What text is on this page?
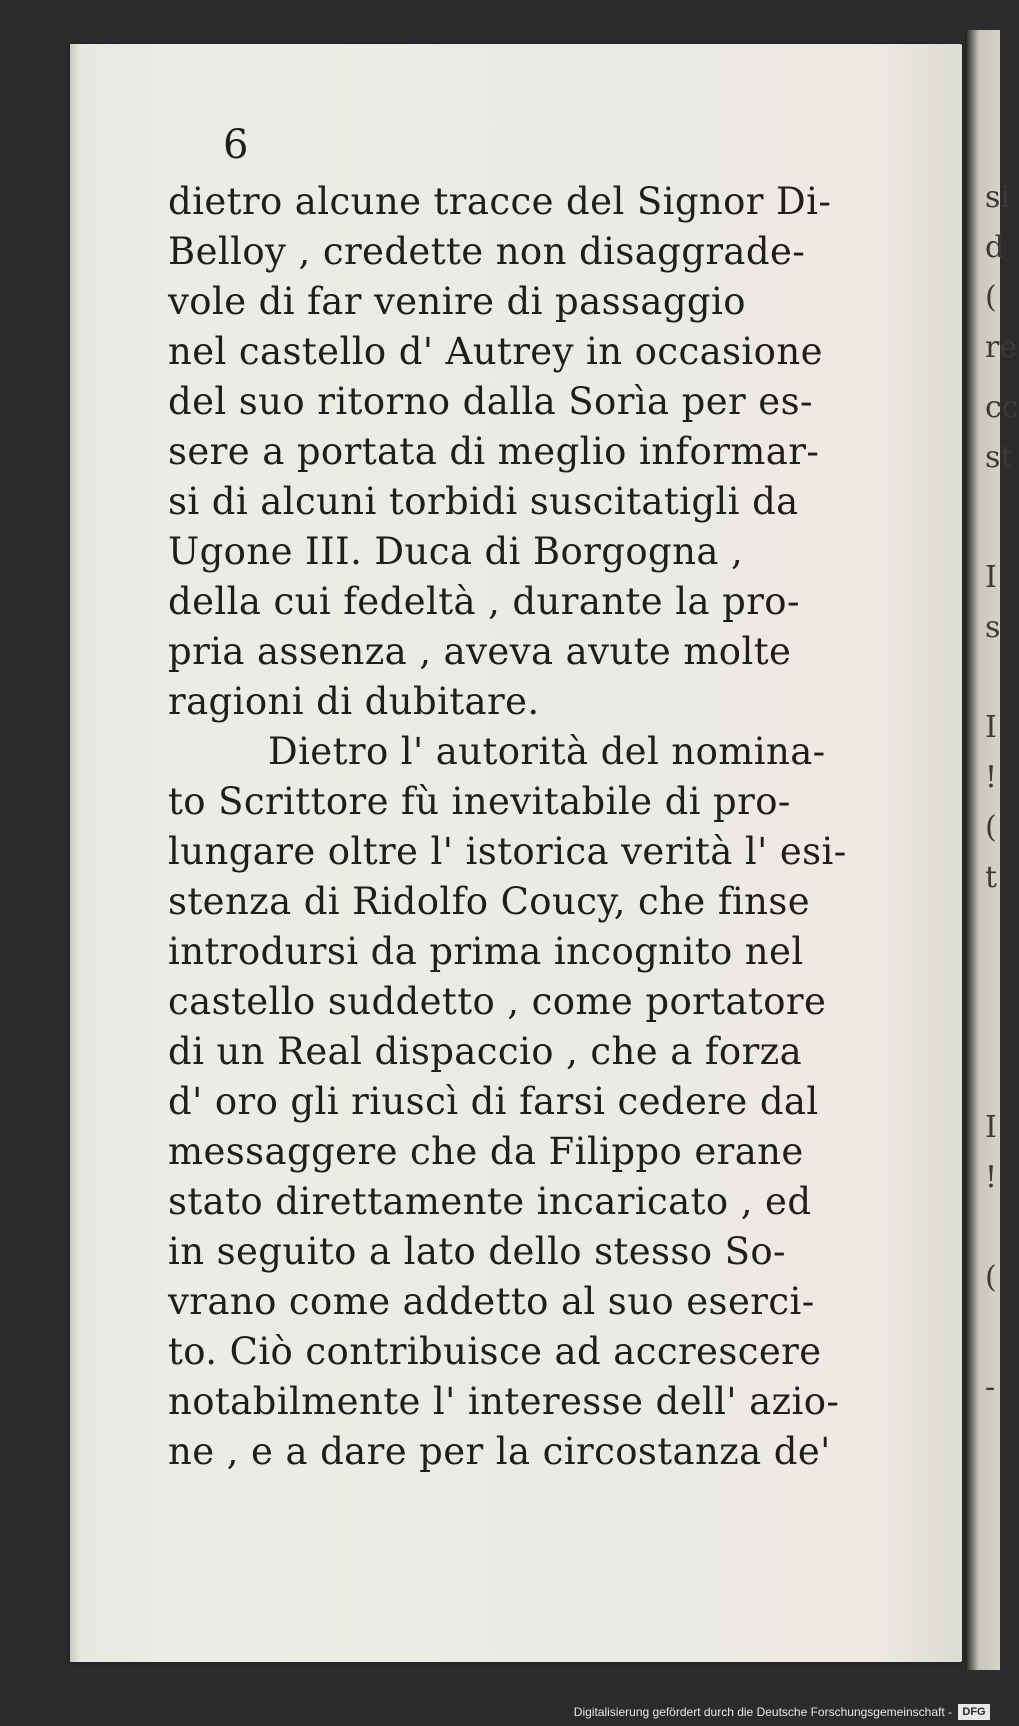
si
d
(
re
cc
st
I
s
I
!
(
t
I
!
(
-
6
dietro alcune tracce del Signor Di-
Belloy , credette non disaggrade-
vole di far venire di passaggio
nel castello d' Autrey in occasione
del suo ritorno dalla Sorìa per es-
sere a portata di meglio informar-
si di alcuni torbidi suscitatigli da
Ugone III. Duca di Borgogna ,
della cui fedeltà , durante la pro-
pria assenza , aveva avute molte
ragioni di dubitare.
Dietro l' autorità del nomina-
to Scrittore fù inevitabile di pro-
lungare oltre l' istorica verità l' esi-
stenza di Ridolfo Coucy, che finse
introdursi da prima incognito nel
castello suddetto , come portatore
di un Real dispaccio , che a forza
d' oro gli riuscì di farsi cedere dal
messaggere che da Filippo erane
stato direttamente incaricato , ed
in seguito a lato dello stesso So-
vrano come addetto al suo eserci-
to. Ciò contribuisce ad accrescere
notabilmente l' interesse dell' azio-
ne , e a dare per la circostanza de'
Digitalisierung gefördert durch die Deutsche Forschungsgemeinschaft - DFG
